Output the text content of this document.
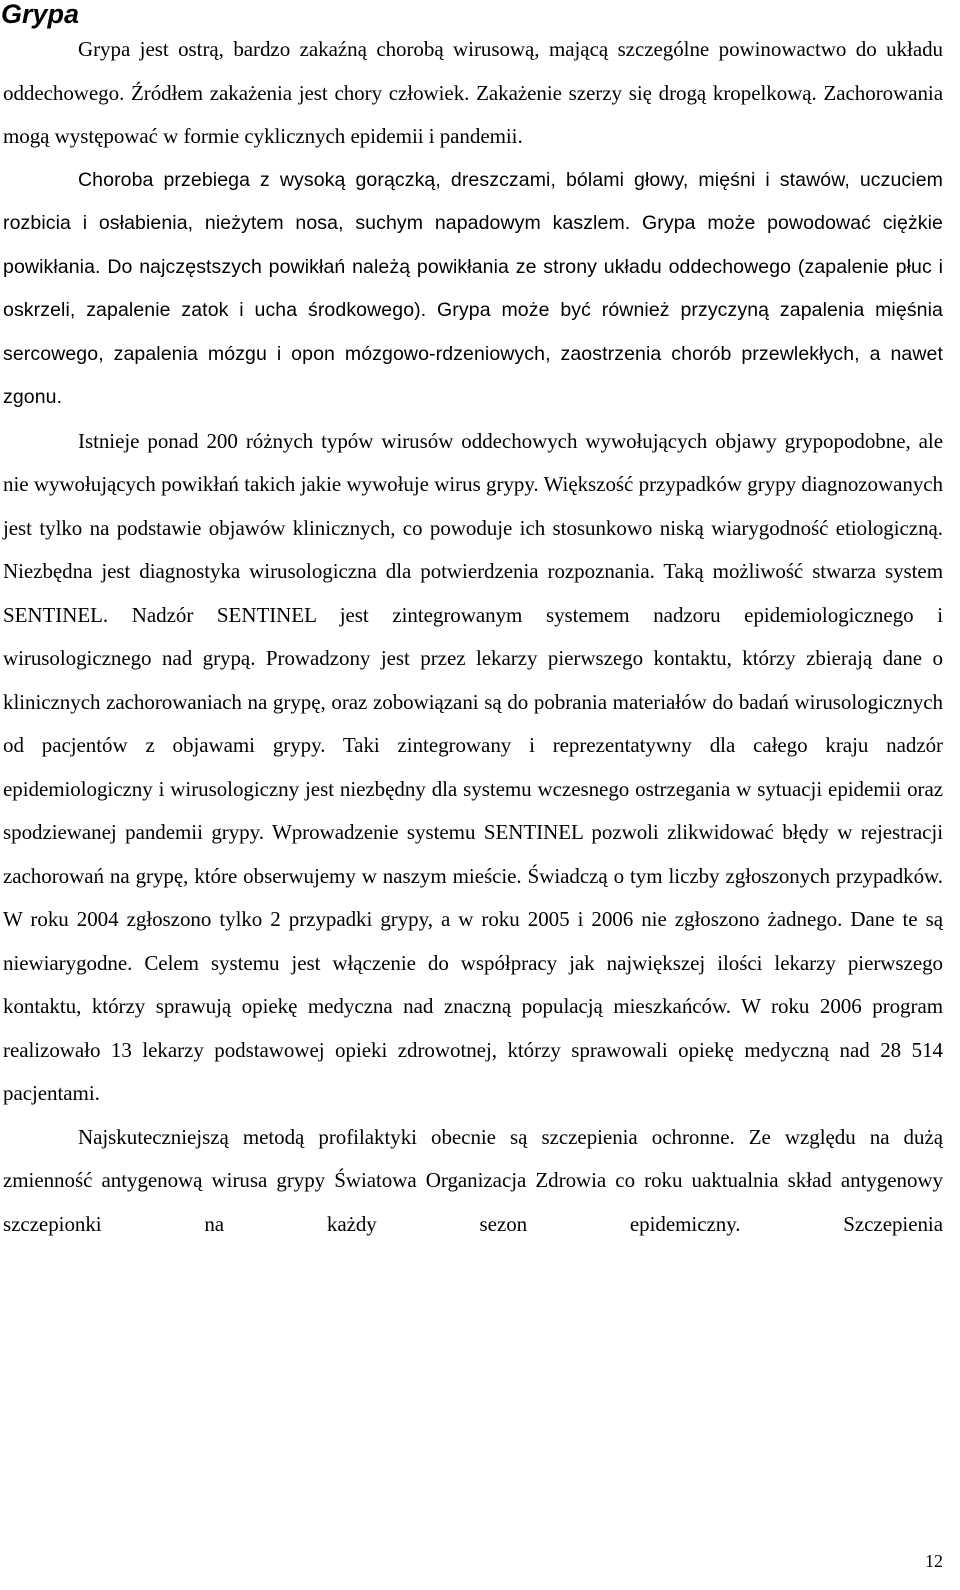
Grypa

Grypa jest ostrą, bardzo zakaźną chorobą wirusową, mającą szczególne powinowactwo do układu oddechowego. Źródłem zakażenia jest chory człowiek. Zakażenie szerzy się drogą kropelkową. Zachorowania mogą występować w formie cyklicznych epidemii i pandemii.

Choroba przebiega z wysoką gorączką, dreszczami, bólami głowy, mięśni i stawów, uczuciem rozbicia i osłabienia, nieżytem nosa, suchym napadowym kaszlem. Grypa może powodować ciężkie powikłania. Do najczęstszych powikłań należą powikłania ze strony układu oddechowego (zapalenie płuc i oskrzeli, zapalenie zatok i ucha środkowego). Grypa może być również przyczyną zapalenia mięśnia sercowego, zapalenia mózgu i opon mózgowo-rdzeniowych, zaostrzenia chorób przewlekłych, a nawet zgonu.

Istnieje ponad 200 różnych typów wirusów oddechowych wywołujących objawy grypopodobne, ale nie wywołujących powikłań takich jakie wywołuje wirus grypy. Większość przypadków grypy diagnozowanych jest tylko na podstawie objawów klinicznych, co powoduje ich stosunkowo niską wiarygodność etiologiczną. Niezbędna jest diagnostyka wirusologiczna dla potwierdzenia rozpoznania. Taką możliwość stwarza system SENTINEL. Nadzór SENTINEL jest zintegrowanym systemem nadzoru epidemiologicznego i wirusologicznego nad grypą. Prowadzony jest przez lekarzy pierwszego kontaktu, którzy zbierają dane o klinicznych zachorowaniach na grypę, oraz zobowiązani są do pobrania materiałów do badań wirusologicznych od pacjentów z objawami grypy. Taki zintegrowany i reprezentatywny dla całego kraju nadzór epidemiologiczny i wirusologiczny jest niezbędny dla systemu wczesnego ostrzegania w sytuacji epidemii oraz spodziewanej pandemii grypy. Wprowadzenie systemu SENTINEL pozwoli zlikwidować błędy w rejestracji zachorowań na grypę, które obserwujemy w naszym mieście. Świadczą o tym liczby zgłoszonych przypadków. W roku 2004 zgłoszono tylko 2 przypadki grypy, a w roku 2005 i 2006 nie zgłoszono żadnego. Dane te są niewiarygodne. Celem systemu jest włączenie do współpracy jak największej ilości lekarzy pierwszego kontaktu, którzy sprawują opiekę medyczna nad znaczną populacją mieszkańców. W roku 2006 program realizowało 13 lekarzy podstawowej opieki zdrowotnej, którzy sprawowali opiekę medyczną nad 28 514 pacjentami.

Najskuteczniejszą metodą profilaktyki obecnie są szczepienia ochronne. Ze względu na dużą zmienność antygenową wirusa grypy Światowa Organizacja Zdrowia co roku uaktualnia skład antygenowy szczepionki na każdy sezon epidemiczny. Szczepienia

12
